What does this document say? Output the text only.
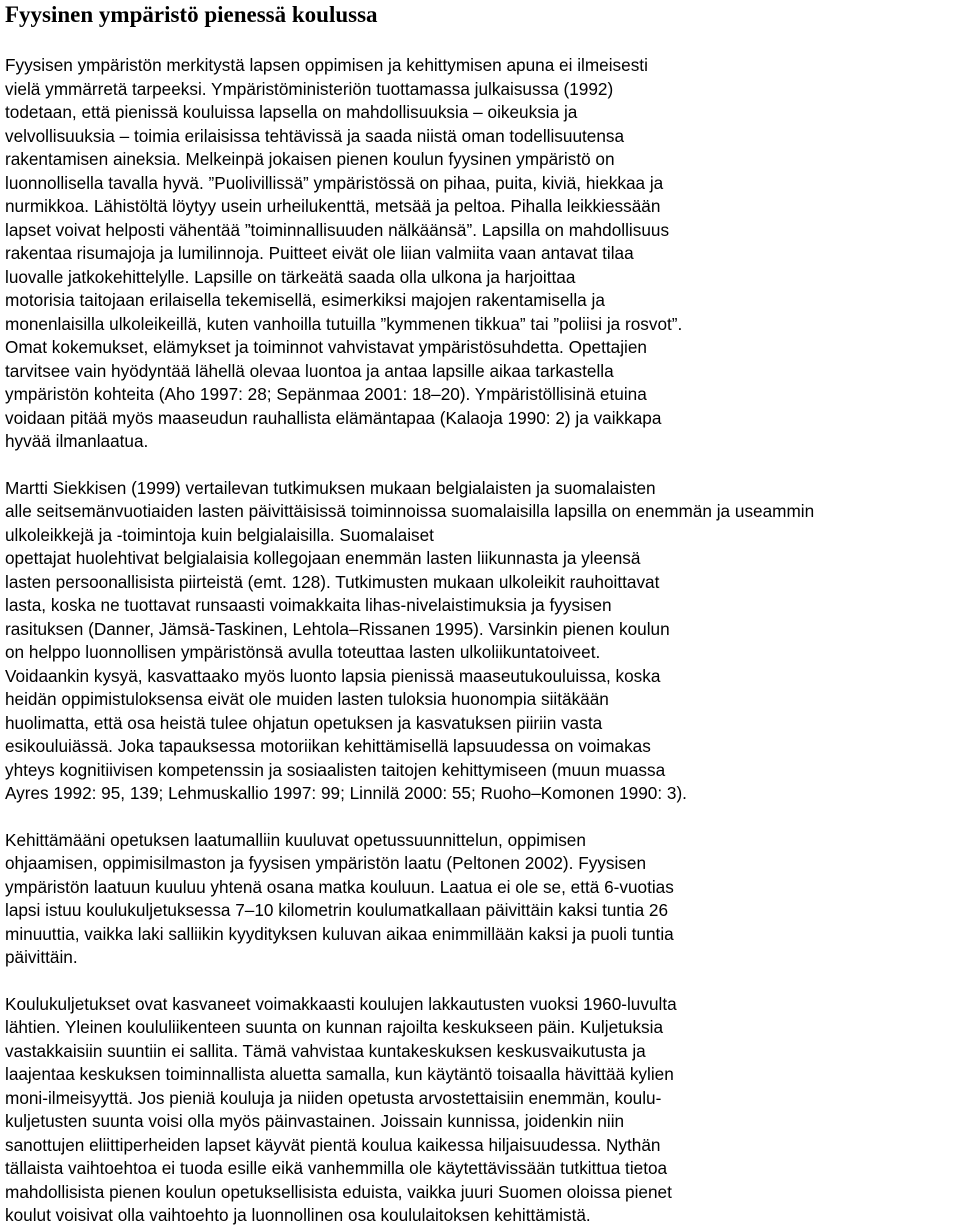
Fyysinen ympäristö pienessä koulussa
Fyysisen ympäristön merkitystä lapsen oppimisen ja kehittymisen apuna ei ilmeisesti
vielä ymmärretä tarpeeksi. Ympäristöministeriön tuottamassa julkaisussa (1992)
todetaan, että pienissä kouluissa lapsella on mahdollisuuksia – oikeuksia ja
velvollisuuksia – toimia erilaisissa tehtävissä ja saada niistä oman todellisuutensa
rakentamisen aineksia. Melkeinpä jokaisen pienen koulun fyysinen ympäristö on
luonnollisella tavalla hyvä. ”Puolivillissä” ympäristössä on pihaa, puita, kiviä, hiekkaa ja
nurmikkoa. Lähistöltä löytyy usein urheilukenttä, metsää ja peltoa. Pihalla leikkiessään
lapset voivat helposti vähentää ”toiminnallisuuden nälkäänsä”. Lapsilla on mahdollisuus
rakentaa risumajoja ja lumilinnoja. Puitteet eivät ole liian valmiita vaan antavat tilaa
luovalle jatkokehittelylle. Lapsille on tärkeätä saada olla ulkona ja harjoittaa
motorisia taitojaan erilaisella tekemisellä, esimerkiksi majojen rakentamisella ja
monenlaisilla ulkoleikeillä, kuten vanhoilla tutuilla ”kymmenen tikkua” tai ”poliisi ja rosvot”.
Omat kokemukset, elämykset ja toiminnot vahvistavat ympäristösuhdetta. Opettajien
tarvitsee vain hyödyntää lähellä olevaa luontoa ja antaa lapsille aikaa tarkastella
ympäristön kohteita (Aho 1997: 28; Sepänmaa 2001: 18–20). Ympäristöllisinä etuina
voidaan pitää myös maaseudun rauhallista elämäntapaa (Kalaoja 1990: 2) ja vaikkapa
hyvää ilmanlaatua.
Martti Siekkisen (1999) vertailevan tutkimuksen mukaan belgialaisten ja suomalaisten
alle seitsemänvuotiaiden lasten päivittäisissä toiminnoissa suomalaisilla lapsilla on enemmän ja useammin
ulkoleikkejä ja -toimintoja kuin belgialaisilla. Suomalaiset
opettajat huolehtivat belgialaisia kollegojaan enemmän lasten liikunnasta ja yleensä
lasten persoonallisista piirteistä (emt. 128). Tutkimusten mukaan ulkoleikit rauhoittavat
lasta, koska ne tuottavat runsaasti voimakkaita lihas-nivelaistimuksia ja fyysisen
rasituksen (Danner, Jämsä-Taskinen, Lehtola–Rissanen 1995). Varsinkin pienen koulun
on helppo luonnollisen ympäristönsä avulla toteuttaa lasten ulkoliikuntatoiveet.
Voidaankin kysyä, kasvattaako myös luonto lapsia pienissä maaseutukouluissa, koska
heidän oppimistuloksensa eivät ole muiden lasten tuloksia huonompia siitäkään
huolimatta, että osa heistä tulee ohjatun opetuksen ja kasvatuksen piiriin vasta
esikouluiässä. Joka tapauksessa motoriikan kehittämisellä lapsuudessa on voimakas
yhteys kognitiivisen kompetenssin ja sosiaalisten taitojen kehittymiseen (muun muassa
Ayres 1992: 95, 139; Lehmuskallio 1997: 99; Linnilä 2000: 55; Ruoho–Komonen 1990: 3).
Kehittämääni opetuksen laatumalliin kuuluvat opetussuunnittelun, oppimisen
ohjaamisen, oppimisilmaston ja fyysisen ympäristön laatu (Peltonen 2002). Fyysisen
ympäristön laatuun kuuluu yhtenä osana matka kouluun. Laatua ei ole se, että 6-vuotias
lapsi istuu koulukuljetuksessa 7–10 kilometrin koulumatkallaan päivittäin kaksi tuntia 26
minuuttia, vaikka laki salliikin kyydityksen kuluvan aikaa enimmillään kaksi ja puoli tuntia
päivittäin.
Koulukuljetukset ovat kasvaneet voimakkaasti koulujen lakkautusten vuoksi 1960-luvulta
lähtien. Yleinen koululiikenteen suunta on kunnan rajoilta keskukseen päin. Kuljetuksia
vastakkaisiin suuntiin ei sallita. Tämä vahvistaa kuntakeskuksen keskusvaikutusta ja
laajentaa keskuksen toiminnallista aluetta samalla, kun käytäntö toisaalla hävittää kylien
moni-ilmeisyyttä. Jos pieniä kouluja ja niiden opetusta arvostettaisiin enemmän, koulu-
kuljetusten suunta voisi olla myös päinvastainen. Joissain kunnissa, joidenkin niin
sanottujen eliittiperheiden lapset käyvät pientä koulua kaikessa hiljaisuudessa. Nythän
tällaista vaihtoehtoa ei tuoda esille eikä vanhemmilla ole käytettävissään tutkittua tietoa
mahdollisista pienen koulun opetuksellisista eduista, vaikka juuri Suomen oloissa pienet
koulut voisivat olla vaihtoehto ja luonnollinen osa koululaitoksen kehittämistä.
